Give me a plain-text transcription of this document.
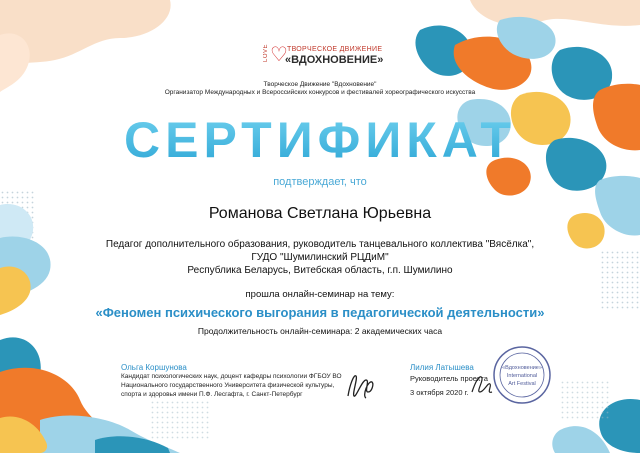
LOVE ♡ ТВОРЧЕСКОЕ ДВИЖЕНИЕ
«ВДОХНОВЕНИЕ»
Творческое Движение "Вдохновение"
Организатор Международных и Всероссийских конкурсов и фестивалей хореографического искусства
СЕРТИФИКАТ
подтверждает, что
Романова Светлана Юрьевна
Педагог дополнительного образования, руководитель танцевального коллектива "Вясёлка",
ГУДО "Шумилинский РЦДиМ"
Республика Беларусь, Витебская область, г.п. Шумилино
прошла онлайн-семинар на тему:
«Феномен психического выгорания в педагогической деятельности»
Продолжительность онлайн-семинара: 2 академических часа
Ольга Коршунова
Кандидат психологических наук, доцент кафедры психологии ФГБОУ ВО
Национального государственного Университета физической культуры,
спорта и здоровья имени П.Ф. Лесгафта, г. Санкт-Петербург
Лилия Латышева
Руководитель проекта
3 октября 2020 г.
«Вдохновение»
International
Art Festival
